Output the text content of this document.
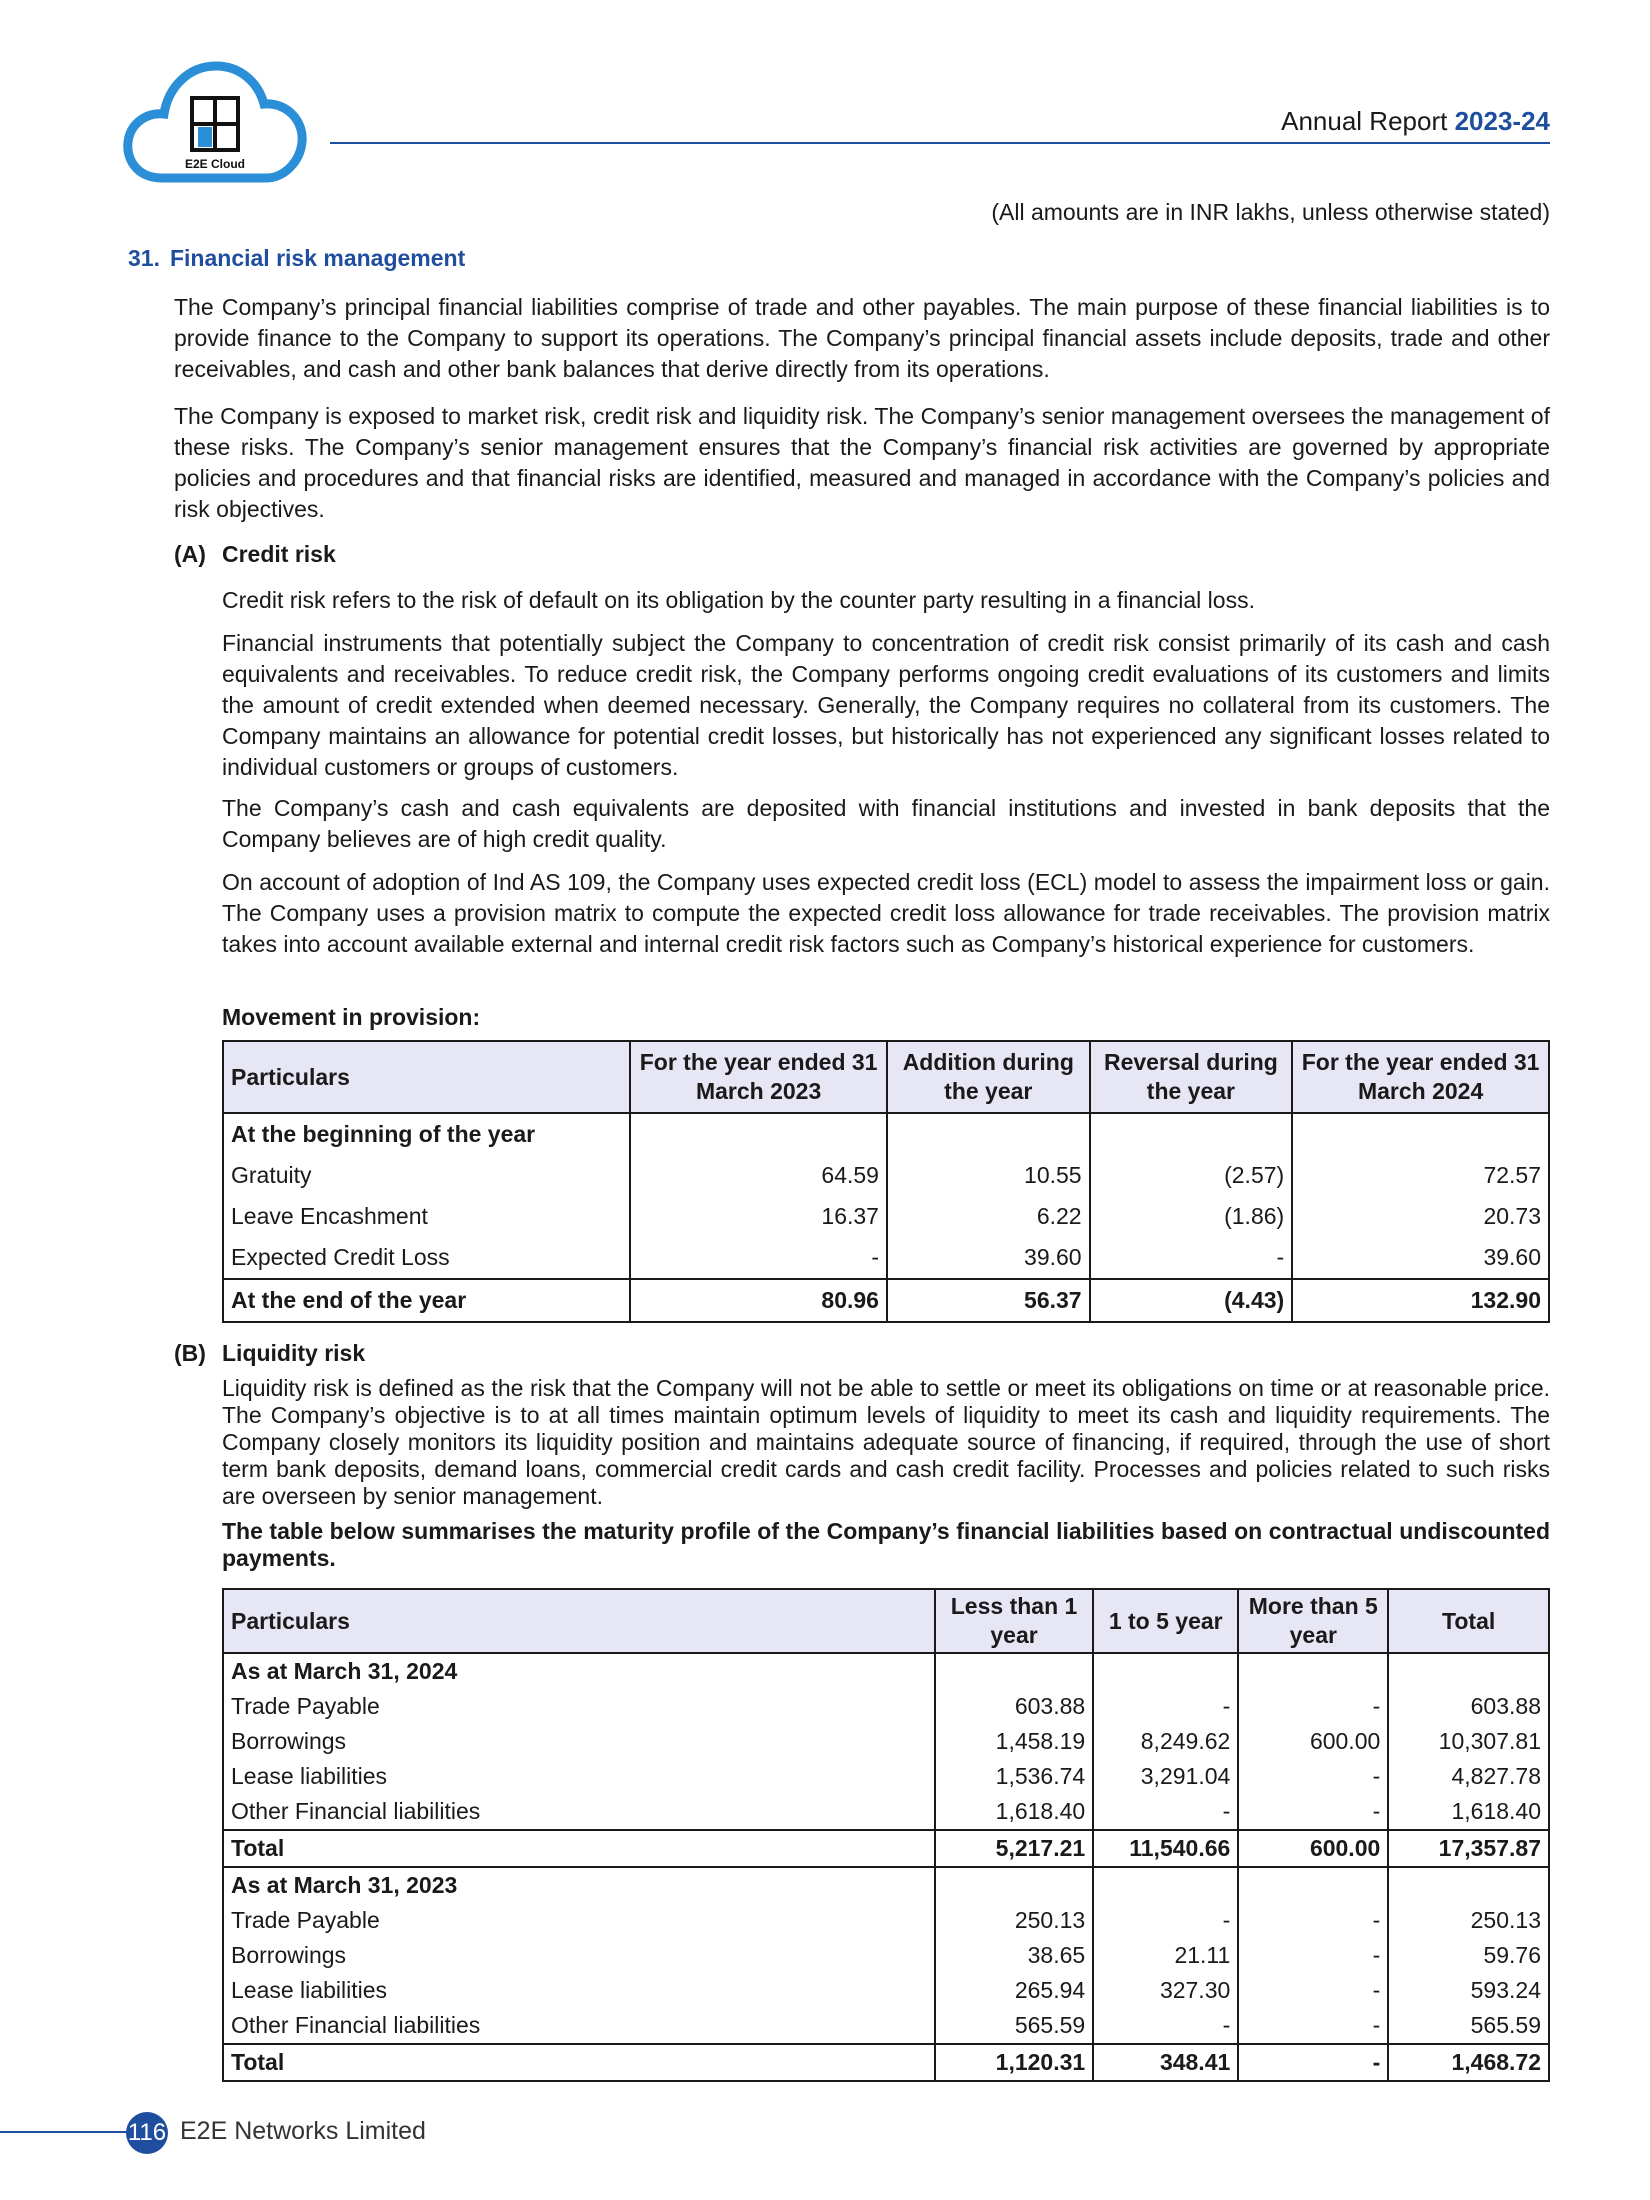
E2E Cloud
Annual Report 2023-24
(All amounts are in INR lakhs, unless otherwise stated)
31. Financial risk management

The Company’s principal financial liabilities comprise of trade and other payables. The main purpose of these financial liabilities is to provide finance to the Company to support its operations. The Company’s principal financial assets include deposits, trade and other receivables, and cash and other bank balances that derive directly from its operations.

The Company is exposed to market risk, credit risk and liquidity risk. The Company’s senior management oversees the management of these risks. The Company’s senior management ensures that the Company’s financial risk activities are governed by appropriate policies and procedures and that financial risks are identified, measured and managed in accordance with the Company’s policies and risk objectives.

(A) Credit risk

Credit risk refers to the risk of default on its obligation by the counter party resulting in a financial loss.

Financial instruments that potentially subject the Company to concentration of credit risk consist primarily of its cash and cash equivalents and receivables. To reduce credit risk, the Company performs ongoing credit evaluations of its customers and limits the amount of credit extended when deemed necessary. Generally, the Company requires no collateral from its customers. The Company maintains an allowance for potential credit losses, but historically has not experienced any significant losses related to individual customers or groups of customers.

The Company’s cash and cash equivalents are deposited with financial institutions and invested in bank deposits that the Company believes are of high credit quality.

On account of adoption of Ind AS 109, the Company uses expected credit loss (ECL) model to assess the impairment loss or gain. The Company uses a provision matrix to compute the expected credit loss allowance for trade receivables. The provision matrix takes into account available external and internal credit risk factors such as Company’s historical experience for customers.

Movement in provision:
Particulars	For the year ended 31 March 2023	Addition during the year	Reversal during the year	For the year ended 31 March 2024
At the beginning of the year				
Gratuity	64.59	10.55	(2.57)	72.57
Leave Encashment	16.37	6.22	(1.86)	20.73
Expected Credit Loss	-	39.60	-	39.60
At the end of the year	80.96	56.37	(4.43)	132.90
(B) Liquidity risk

Liquidity risk is defined as the risk that the Company will not be able to settle or meet its obligations on time or at reasonable price. The Company’s objective is to at all times maintain optimum levels of liquidity to meet its cash and liquidity requirements. The Company closely monitors its liquidity position and maintains adequate source of financing, if required, through the use of short term bank deposits, demand loans, commercial credit cards and cash credit facility. Processes and policies related to such risks are overseen by senior management.

The table below summarises the maturity profile of the Company’s financial liabilities based on contractual undiscounted payments.

Particulars	Less than 1 year	1 to 5 year	More than 5 year	Total
As at March 31, 2024				
Trade Payable	603.88	-	-	603.88
Borrowings	1,458.19	8,249.62	600.00	10,307.81
Lease liabilities	1,536.74	3,291.04	-	4,827.78
Other Financial liabilities	1,618.40	-	-	1,618.40
Total	5,217.21	11,540.66	600.00	17,357.87
As at March 31, 2023				
Trade Payable	250.13	-	-	250.13
Borrowings	38.65	21.11	-	59.76
Lease liabilities	265.94	327.30	-	593.24
Other Financial liabilities	565.59	-	-	565.59
Total	1,120.31	348.41	-	1,468.72
116 E2E Networks Limited
